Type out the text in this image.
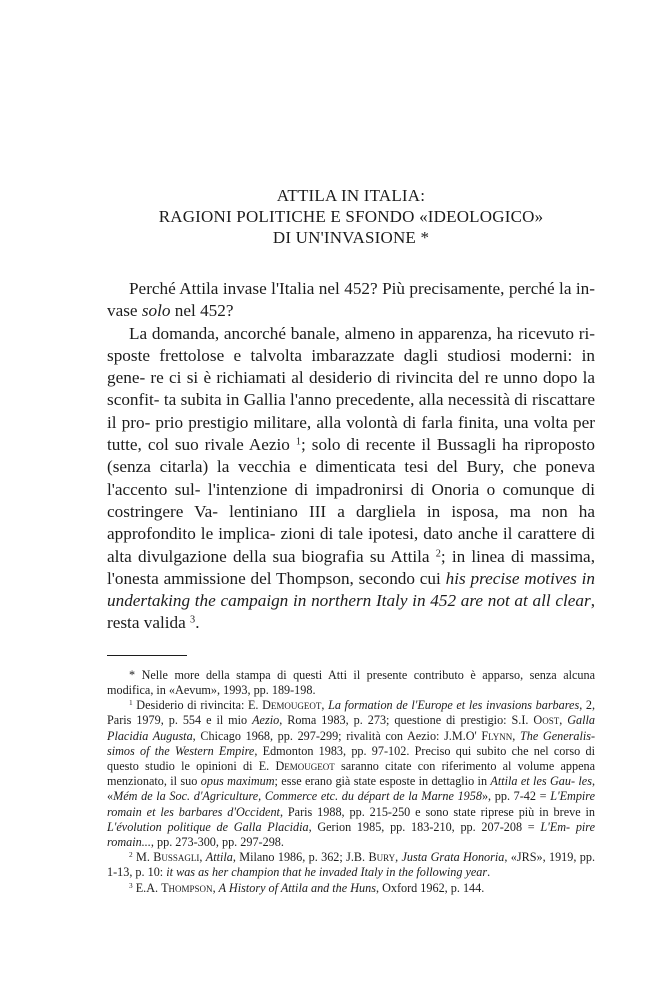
ATTILA IN ITALIA:
RAGIONI POLITICHE E SFONDO «IDEOLOGICO»
DI UN'INVASIONE *

Perché Attila invase l'Italia nel 452? Più precisamente, perché la in- vase solo nel 452?

La domanda, ancorché banale, almeno in apparenza, ha ricevuto ri- sposte frettolose e talvolta imbarazzate dagli studiosi moderni: in gene- re ci si è richiamati al desiderio di rivincita del re unno dopo la sconfit- ta subita in Gallia l'anno precedente, alla necessità di riscattare il pro- prio prestigio militare, alla volontà di farla finita, una volta per tutte, col suo rivale Aezio $^1$; solo di recente il Bussagli ha riproposto (senza citarla) la vecchia e dimenticata tesi del Bury, che poneva l'accento sul- l'intenzione di impadronirsi di Onoria o comunque di costringere Va- lentiniano III a dargliela in isposa, ma non ha approfondito le implica- zioni di tale ipotesi, dato anche il carattere di alta divulgazione della sua biografia su Attila $^2$; in linea di massima, l'onesta ammissione del Thompson, secondo cui his precise motives in undertaking the campaign in northern Italy in 452 are not at all clear, resta valida $^3$.

* Nelle more della stampa di questi Atti il presente contributo è apparso, senza alcuna modifica, in «Aevum», 1993, pp. 189-198.

$^1$ Desiderio di rivincita: E. Demougeot, La formation de l'Europe et les invasions barbares, 2, Paris 1979, p. 554 e il mio Aezio, Roma 1983, p. 273; questione di prestigio: S.I. Oost, Galla Placidia Augusta, Chicago 1968, pp. 297-299; rivalità con Aezio: J.M.O' Flynn, The Generalis- simos of the Western Empire, Edmonton 1983, pp. 97-102. Preciso qui subito che nel corso di questo studio le opinioni di E. Demougeot saranno citate con riferimento al volume appena menzionato, il suo opus maximum; esse erano già state esposte in dettaglio in Attila et les Gau- les, «Mém de la Soc. d'Agriculture, Commerce etc. du départ de la Marne 1958», pp. 7-42 = L'Empire romain et les barbares d'Occident, Paris 1988, pp. 215-250 e sono state riprese più in breve in L'évolution politique de Galla Placidia, Gerion 1985, pp. 183-210, pp. 207-208 = L'Em- pire romain..., pp. 273-300, pp. 297-298.

$^2$ M. Bussagli, Attila, Milano 1986, p. 362; J.B. Bury, Justa Grata Honoria, «JRS», 1919, pp. 1-13, p. 10: it was as her champion that he invaded Italy in the following year.

$^3$ E.A. Thompson, A History of Attila and the Huns, Oxford 1962, p. 144.
